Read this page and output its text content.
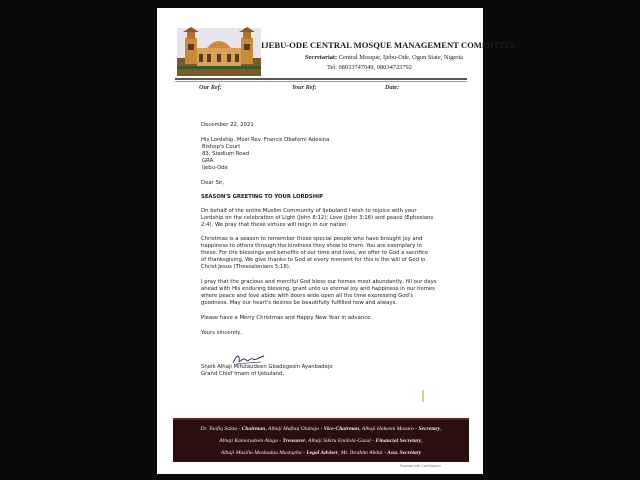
IJEBU-ODE CENTRAL MOSQUE MANAGEMENT COMMITTEE
Secretariat: Central Mosque, Ijebu-Ode, Ogun State, Nigeria
Tel: 08033747049, 08034723792
Our Ref:	Your Ref:	Date:
December 22, 2021
His Lordship, Most Rev. Francis Obafemi Adesina
Bishop's Court
83, Stadium Road
GRA
Ijebu-Ode
Dear Sir,
SEASON'S GREETING TO YOUR LORDSHIP
On behalf of the entire Muslim Community of Ijebuland I wish to rejoice with your
Lordship on the celebration of Light (John 8:12); Love (John 3:16) and peace (Ephesians
2:4). We pray that these virtues will reign in our nation.
Christmas is a season to remember those special people who have brought joy and
happiness to others through the kindness they show to them. You are exemplary in
these. For the blessings and benefits of our time and lives, we offer to God a sacrifice
of thanksgiving. We give thanks to God at every moment for this is the will of God in
Christ Jesus (Thessalonians 5:18).
I pray that the gracious and merciful God bless our homes most abundantly, fill our days
ahead with His enduring blessing, grant unto us eternal joy and happiness in our homes
where peace and love abide with doors wide open all the time expressing God's
goodness. May our heart's desires be beautifully fulfilled now and always.
Please have a Merry Christmas and Happy New Year in advance.
Yours sincerely,
Sheik Alhaji Mifutaudeen Gbadegesin Ayanbadejo
Grand Chief Imam of Ijebuland.
Dr. Taofiq Salau - Chairman, Alhaji Muftau Olubajo - Vice-Chairman, Alhaji Hakeem Mosuro - Secretary,
Alhaji Kamorudeen Alaga - Treasurer, Alhaji Sikiru Emilola-Gazal - Financial Secretary,
Alhaji Musiliu Mosbadau Mustapha - Legal Adviser, Mr. Ibrahim Abdul - Asst. Secretary
Scanned with CamScanner
